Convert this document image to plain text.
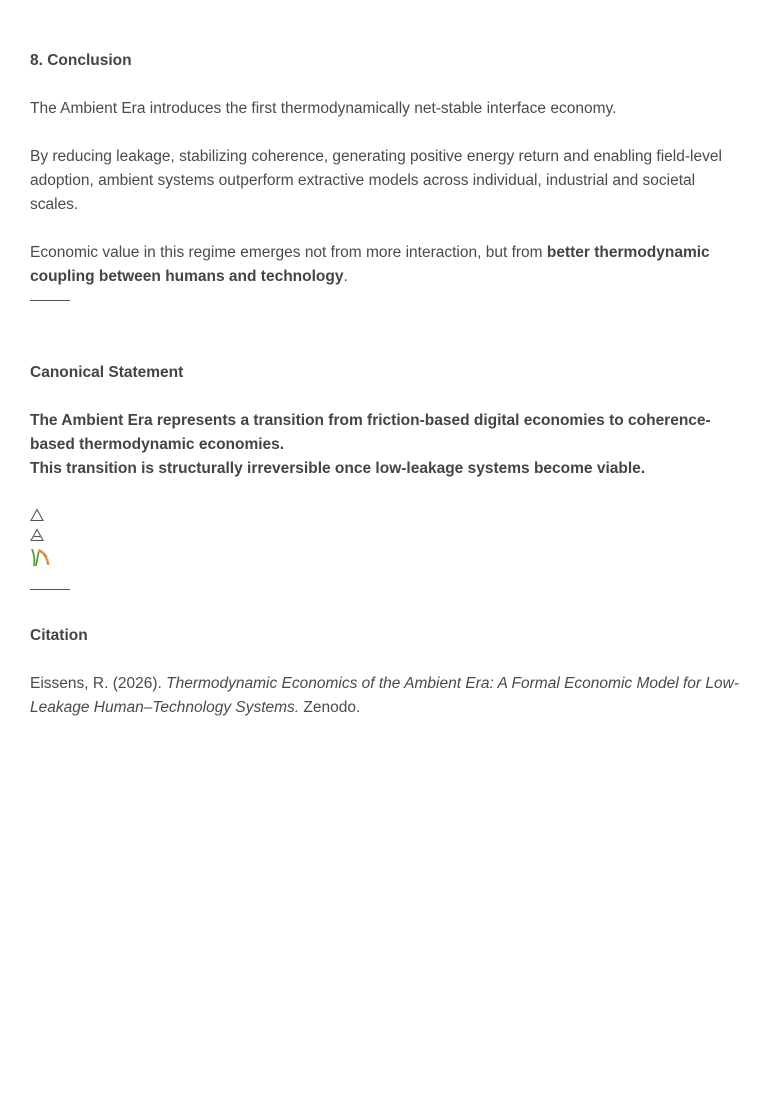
8. Conclusion

The Ambient Era introduces the first thermodynamically net-stable interface economy.

By reducing leakage, stabilizing coherence, generating positive energy return and enabling field-level adoption, ambient systems outperform extractive models across individual, industrial and societal scales.

Economic value in this regime emerges not from more interaction, but from better thermodynamic coupling between humans and technology.

Canonical Statement

The Ambient Era represents a transition from friction-based digital economies to coherence-based thermodynamic economies.

This transition is structurally irreversible once low-leakage systems become viable.

Citation

Eissens, R. (2026). Thermodynamic Economics of the Ambient Era: A Formal Economic Model for Low-Leakage Human–Technology Systems. Zenodo.
